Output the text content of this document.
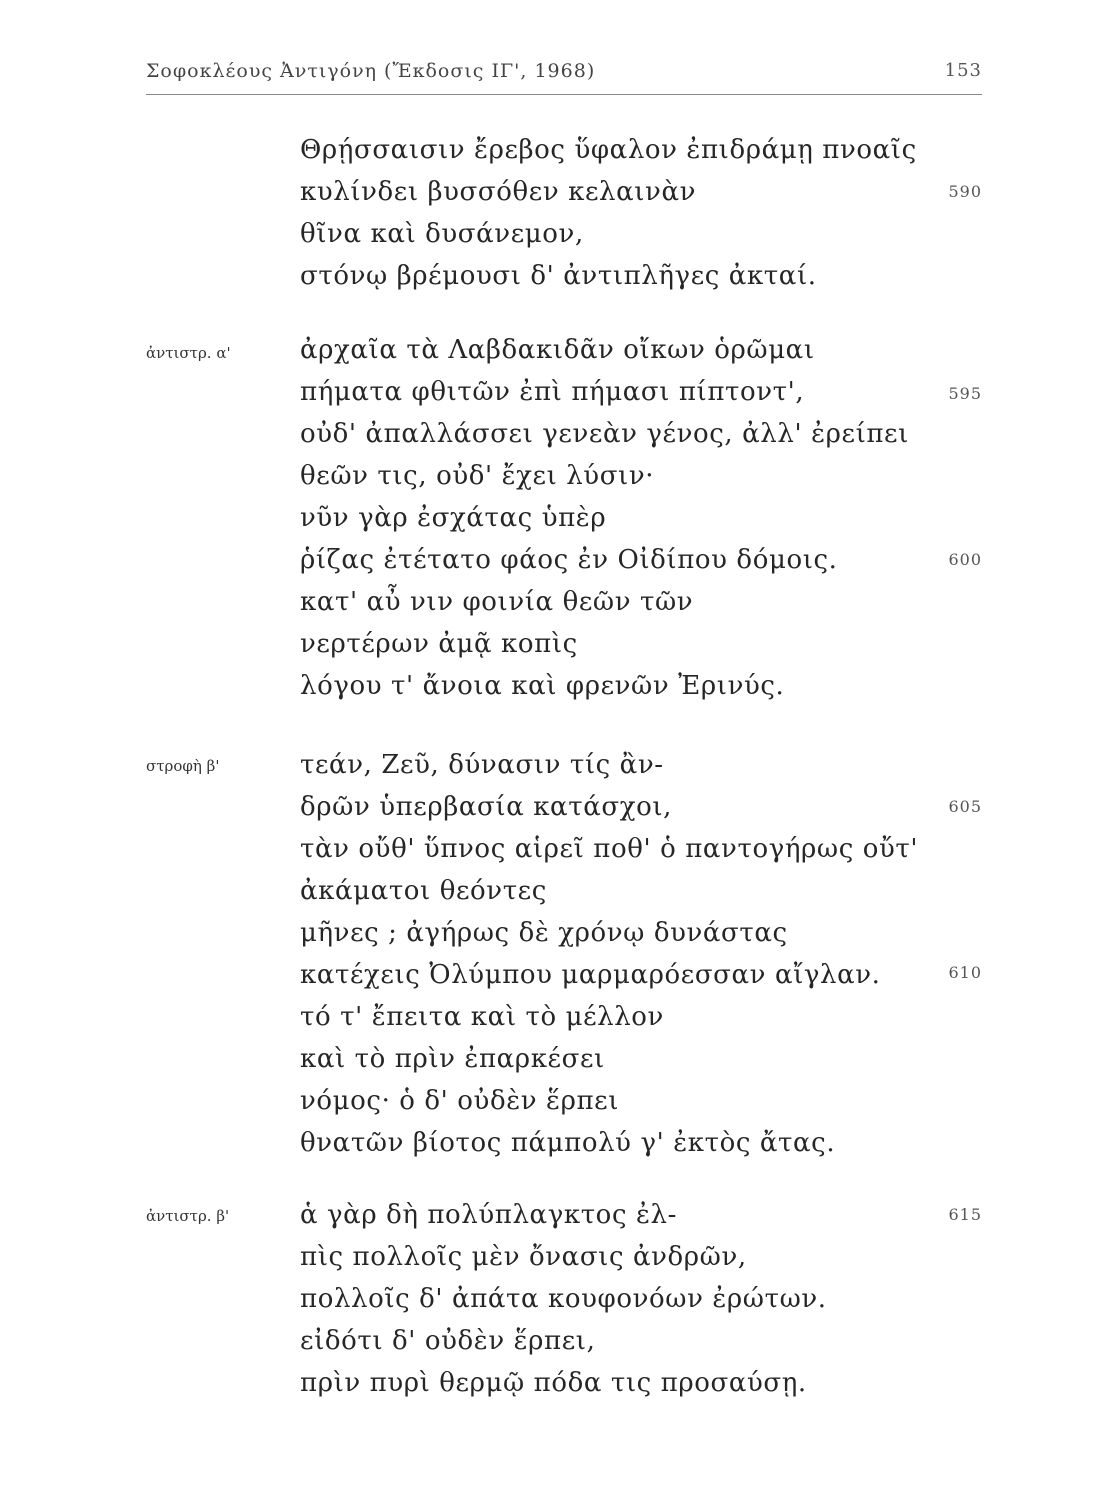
Σοφοκλέους Ἀντιγόνη (Ἔκδοσις ΙΓ', 1968)	153
Θρῄσσαισιν ἔρεβος ὕφαλον ἐπιδράμῃ πνοαῖς
κυλίνδει βυσσόθεν κελαινὰν	590
θῖνα καὶ δυσάνεμον,
στόνῳ βρέμουσι δ' ἀντιπλῆγες ἀκταί.
ἀντιστρ. α'	ἀρχαῖα τὰ Λαβδακιδᾶν οἴκων ὁρῶμαι
πήματα φθιτῶν ἐπὶ πήμασι πίπτοντ',	595
οὐδ' ἀπαλλάσσει γενεὰν γένος, ἀλλ' ἐρείπει
θεῶν τις, οὐδ' ἔχει λύσιν·
νῦν γὰρ ἐσχάτας ὑπὲρ
ῥίζας ἐτέτατο φάος ἐν Οἰδίπου δόμοις.	600
κατ' αὖ νιν φοινία θεῶν τῶν
νερτέρων ἀμᾷ κοπὶς
λόγου τ' ἄνοια καὶ φρενῶν Ἐρινύς.
στροφὴ β'	τεάν, Ζεῦ, δύνασιν τίς ἂν-
δρῶν ὑπερβασία κατάσχοι,	605
τὰν οὔθ' ὕπνος αἱρεῖ ποθ' ὁ παντογήρως οὔτ'
ἀκάματοι θεόντες
μῆνες ; ἀγήρως δὲ χρόνῳ δυνάστας
κατέχεις Ὀλύμπου μαρμαρόεσσαν αἴγλαν.	610
τό τ' ἔπειτα καὶ τὸ μέλλον
καὶ τὸ πρὶν ἐπαρκέσει
νόμος· ὁ δ' οὐδὲν ἕρπει
θνατῶν βίοτος πάμπολύ γ' ἐκτὸς ἄτας.
ἀντιστρ. β'	ἁ γὰρ δὴ πολύπλαγκτος ἐλ-	615
πὶς πολλοῖς μὲν ὄνασις ἀνδρῶν,
πολλοῖς δ' ἀπάτα κουφονόων ἐρώτων.
εἰδότι δ' οὐδὲν ἕρπει,
πρὶν πυρὶ θερμῷ πόδα τις προσαύσῃ.
